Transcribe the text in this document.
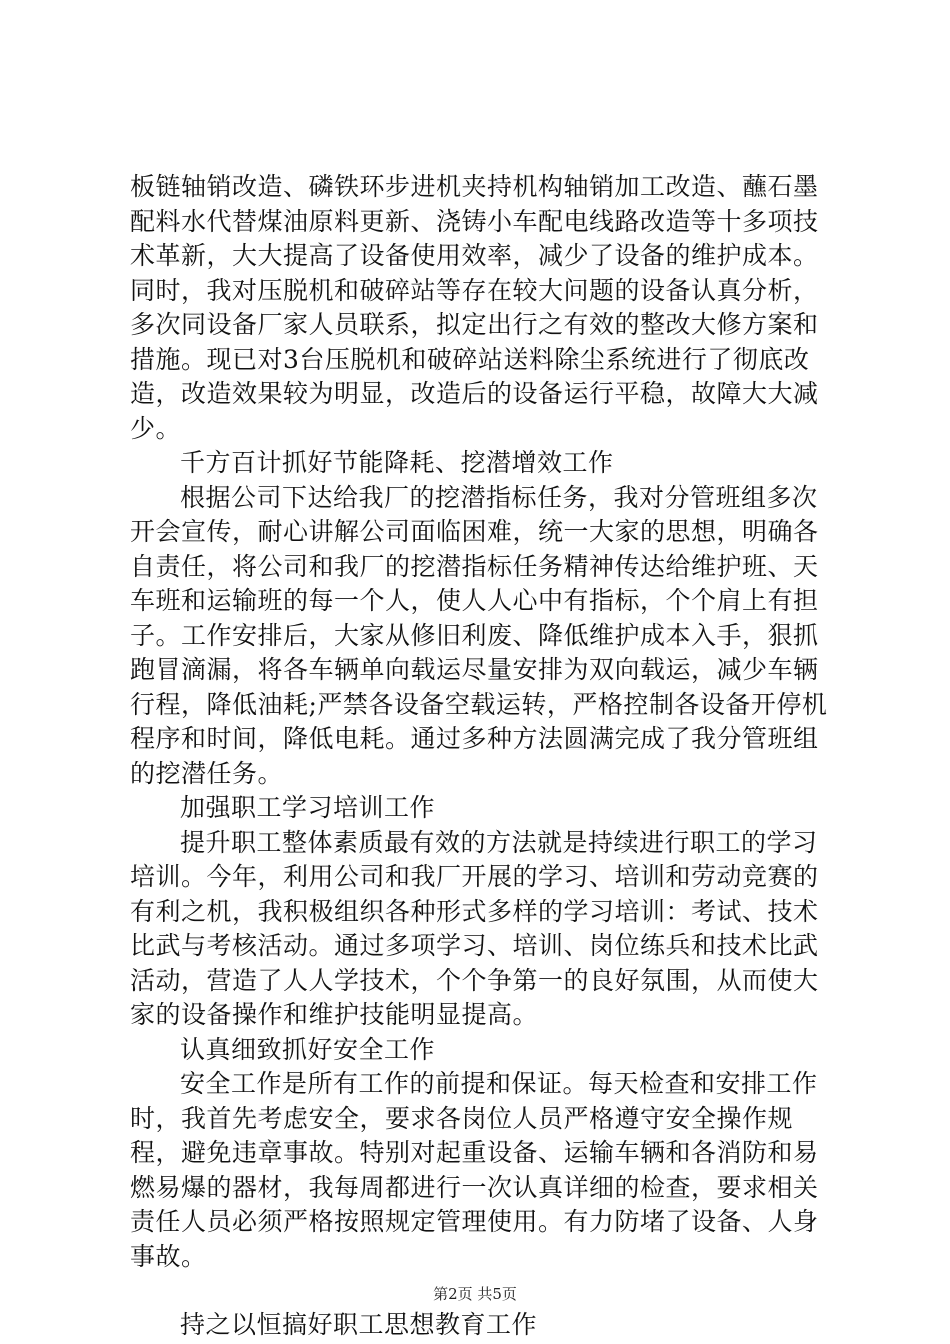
板链轴销改造、磷铁环步进机夹持机构轴销加工改造、蘸石墨配料水代替煤油原料更新、浇铸小车配电线路改造等十多项技术革新，大大提高了设备使用效率，减少了设备的维护成本。同时，我对压脱机和破碎站等存在较大问题的设备认真分析，多次同设备厂家人员联系，拟定出行之有效的整改大修方案和措施。现已对3台压脱机和破碎站送料除尘系统进行了彻底改造，改造效果较为明显，改造后的设备运行平稳，故障大大减少。

千方百计抓好节能降耗、挖潜增效工作

根据公司下达给我厂的挖潜指标任务，我对分管班组多次开会宣传，耐心讲解公司面临困难，统一大家的思想，明确各自责任，将公司和我厂的挖潜指标任务精神传达给维护班、天车班和运输班的每一个人，使人人心中有指标，个个肩上有担子。工作安排后，大家从修旧利废、降低维护成本入手，狠抓跑冒滴漏，将各车辆单向载运尽量安排为双向载运，减少车辆行程，降低油耗;严禁各设备空载运转，严格控制各设备开停机程序和时间，降低电耗。通过多种方法圆满完成了我分管班组的挖潜任务。

加强职工学习培训工作

提升职工整体素质最有效的方法就是持续进行职工的学习培训。今年，利用公司和我厂开展的学习、培训和劳动竞赛的有利之机，我积极组织各种形式多样的学习培训：考试、技术比武与考核活动。通过多项学习、培训、岗位练兵和技术比武活动，营造了人人学技术，个个争第一的良好氛围，从而使大家的设备操作和维护技能明显提高。

认真细致抓好安全工作

安全工作是所有工作的前提和保证。每天检查和安排工作时，我首先考虑安全，要求各岗位人员严格遵守安全操作规程，避免违章事故。特别对起重设备、运输车辆和各消防和易燃易爆的器材，我每周都进行一次认真详细的检查，要求相关责任人员必须严格按照规定管理使用。有力防堵了设备、人身事故。

持之以恒搞好职工思想教育工作

第2页 共5页
